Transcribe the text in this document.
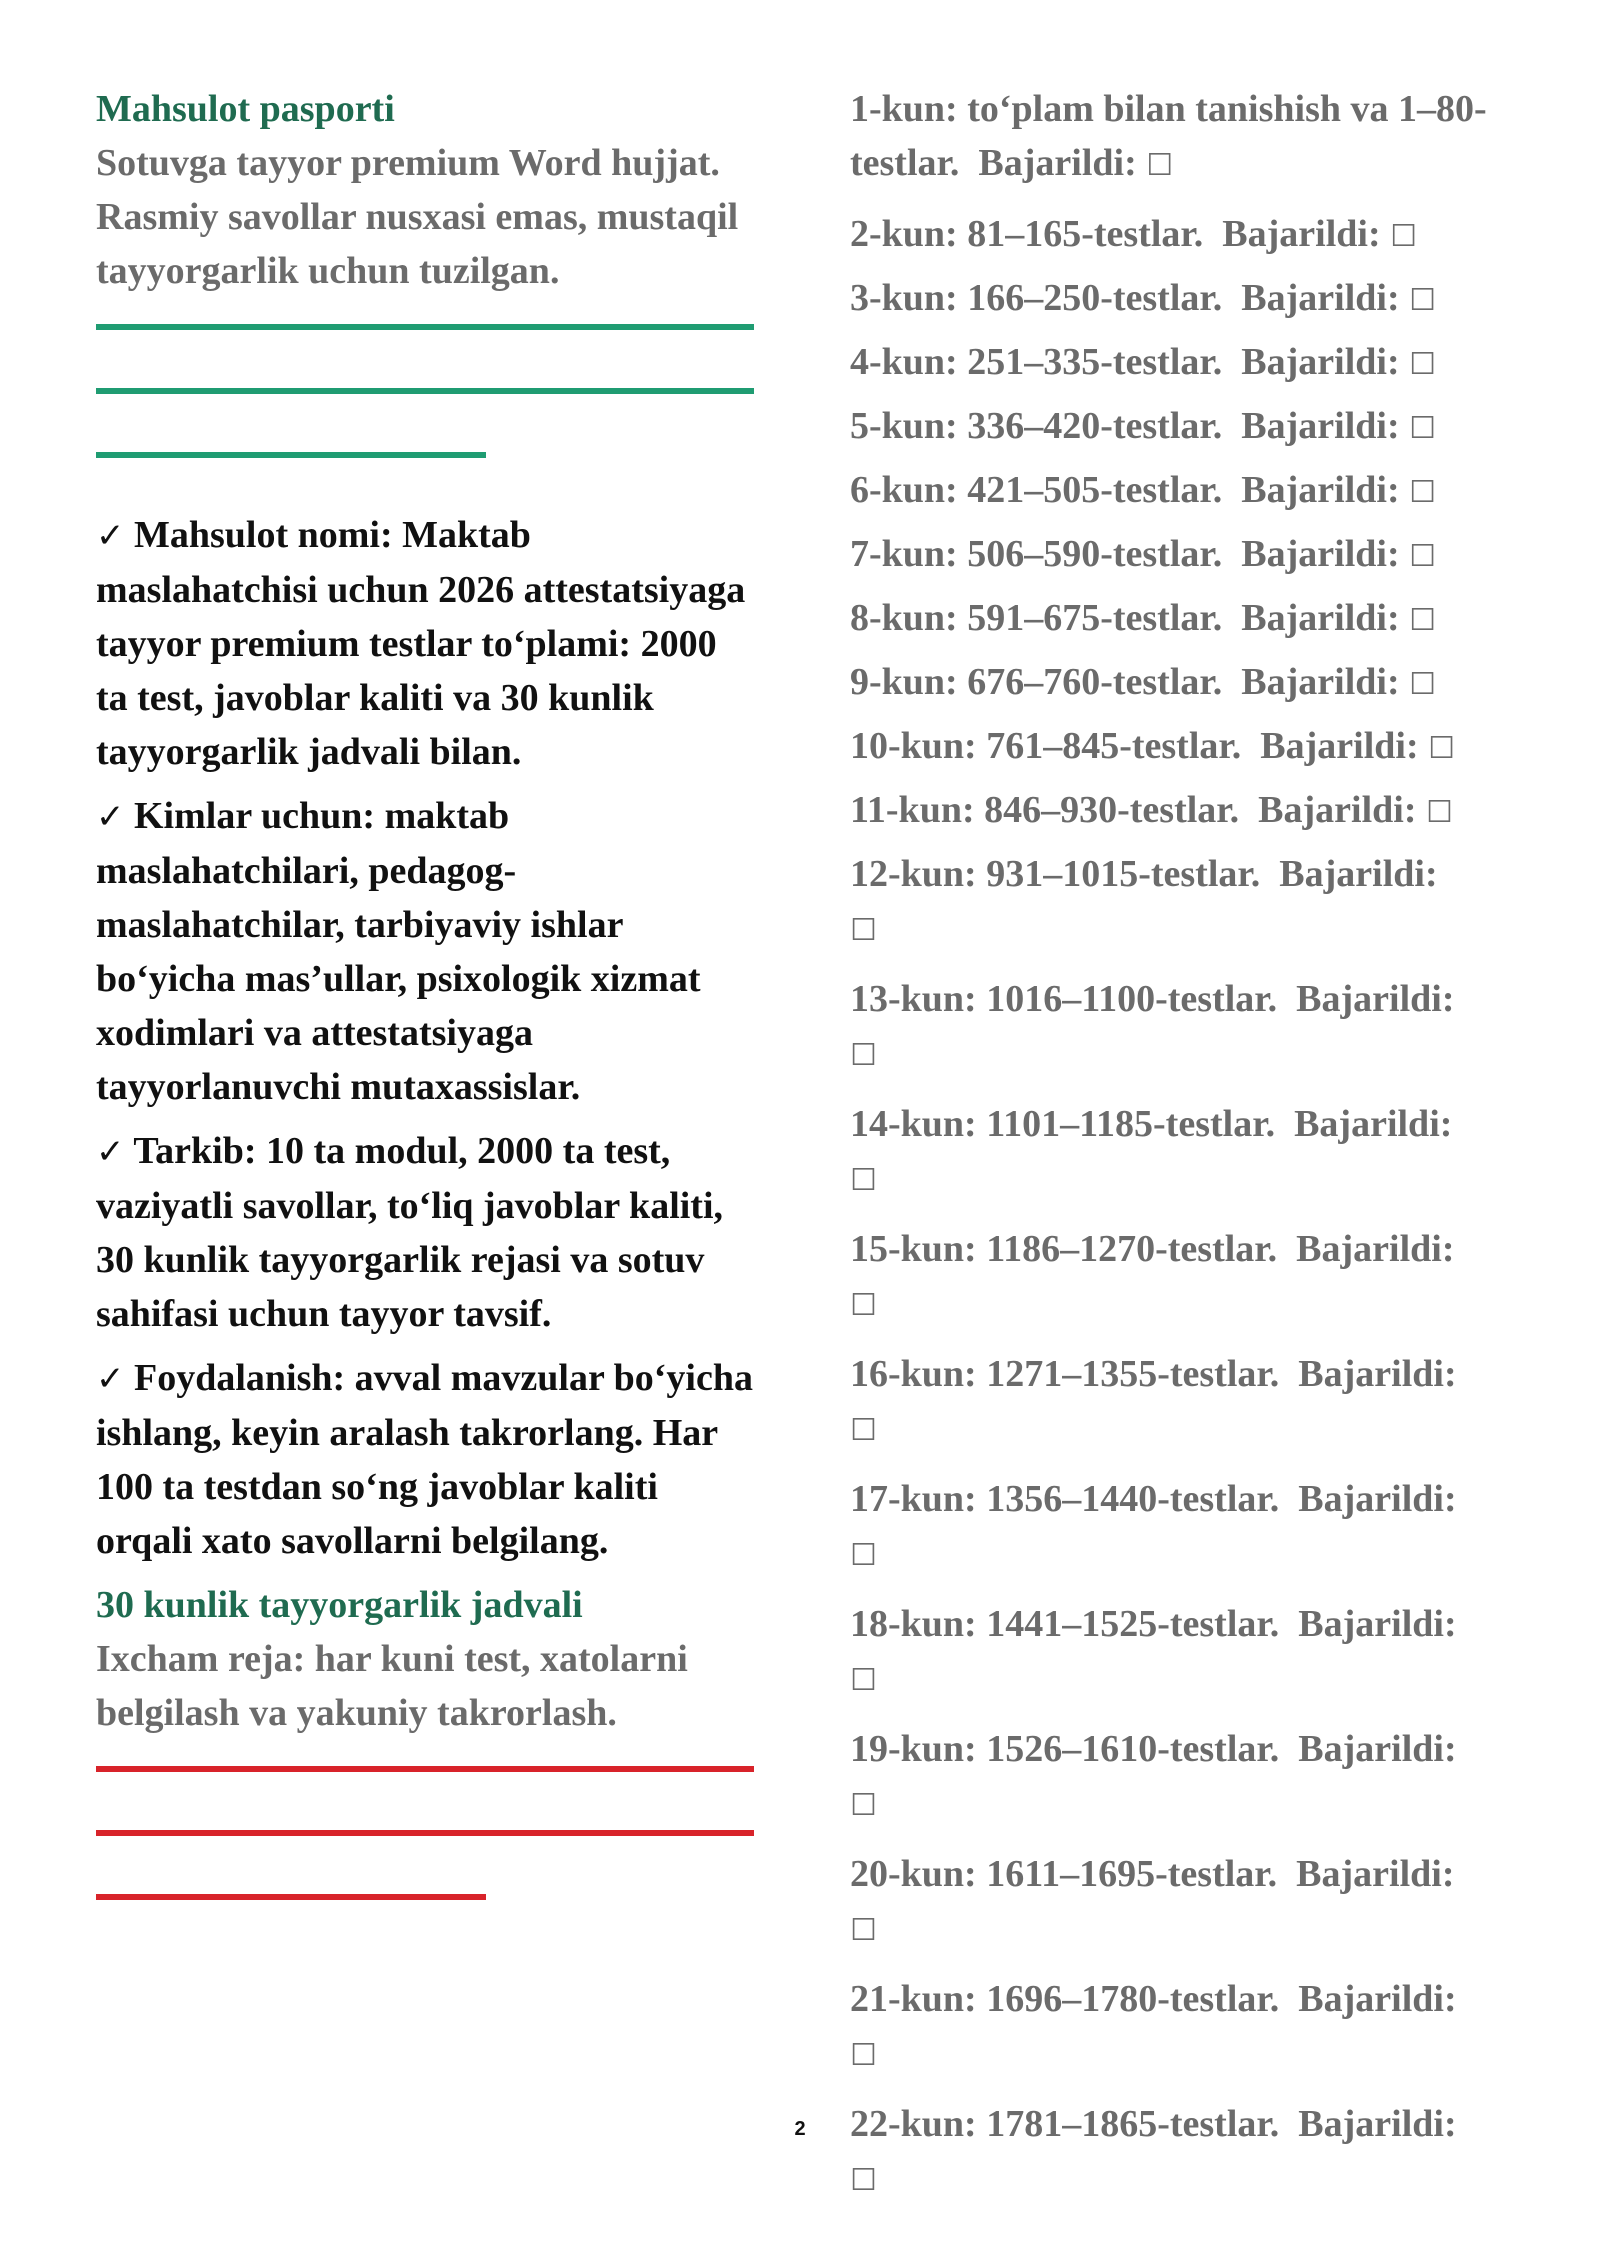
Mahsulot pasporti

Sotuvga tayyor premium Word hujjat. Rasmiy savollar nusxasi emas, mustaqil tayyorgarlik uchun tuzilgan.

✓ Mahsulot nomi: Maktab maslahatchisi uchun 2026 attestatsiyaga tayyor premium testlar to‘plami: 2000 ta test, javoblar kaliti va 30 kunlik tayyorgarlik jadvali bilan.

✓ Kimlar uchun: maktab maslahatchilari, pedagog-maslahatchilar, tarbiyaviy ishlar bo‘yicha mas’ullar, psixologik xizmat xodimlari va attestatsiyaga tayyorlanuvchi mutaxassislar.

✓ Tarkib: 10 ta modul, 2000 ta test, vaziyatli savollar, to‘liq javoblar kaliti, 30 kunlik tayyorgarlik rejasi va sotuv sahifasi uchun tayyor tavsif.

✓ Foydalanish: avval mavzular bo‘yicha ishlang, keyin aralash takrorlang. Har 100 ta testdan so‘ng javoblar kaliti orqali xato savollarni belgilang.

30 kunlik tayyorgarlik jadvali

Ixcham reja: har kuni test, xatolarni belgilash va yakuniy takrorlash.

1-kun: to‘plam bilan tanishish va 1–80-testlar. Bajarildi: ☐

2-kun: 81–165-testlar. Bajarildi: ☐

3-kun: 166–250-testlar. Bajarildi: ☐

4-kun: 251–335-testlar. Bajarildi: ☐

5-kun: 336–420-testlar. Bajarildi: ☐

6-kun: 421–505-testlar. Bajarildi: ☐

7-kun: 506–590-testlar. Bajarildi: ☐

8-kun: 591–675-testlar. Bajarildi: ☐

9-kun: 676–760-testlar. Bajarildi: ☐

10-kun: 761–845-testlar. Bajarildi: ☐

11-kun: 846–930-testlar. Bajarildi: ☐

12-kun: 931–1015-testlar. Bajarildi:
☐

13-kun: 1016–1100-testlar. Bajarildi:
☐

14-kun: 1101–1185-testlar. Bajarildi:
☐

15-kun: 1186–1270-testlar. Bajarildi:
☐

16-kun: 1271–1355-testlar. Bajarildi:
☐

17-kun: 1356–1440-testlar. Bajarildi:
☐

18-kun: 1441–1525-testlar. Bajarildi:
☐

19-kun: 1526–1610-testlar. Bajarildi:
☐

20-kun: 1611–1695-testlar. Bajarildi:
☐

21-kun: 1696–1780-testlar. Bajarildi:
☐

22-kun: 1781–1865-testlar. Bajarildi:
☐

2
